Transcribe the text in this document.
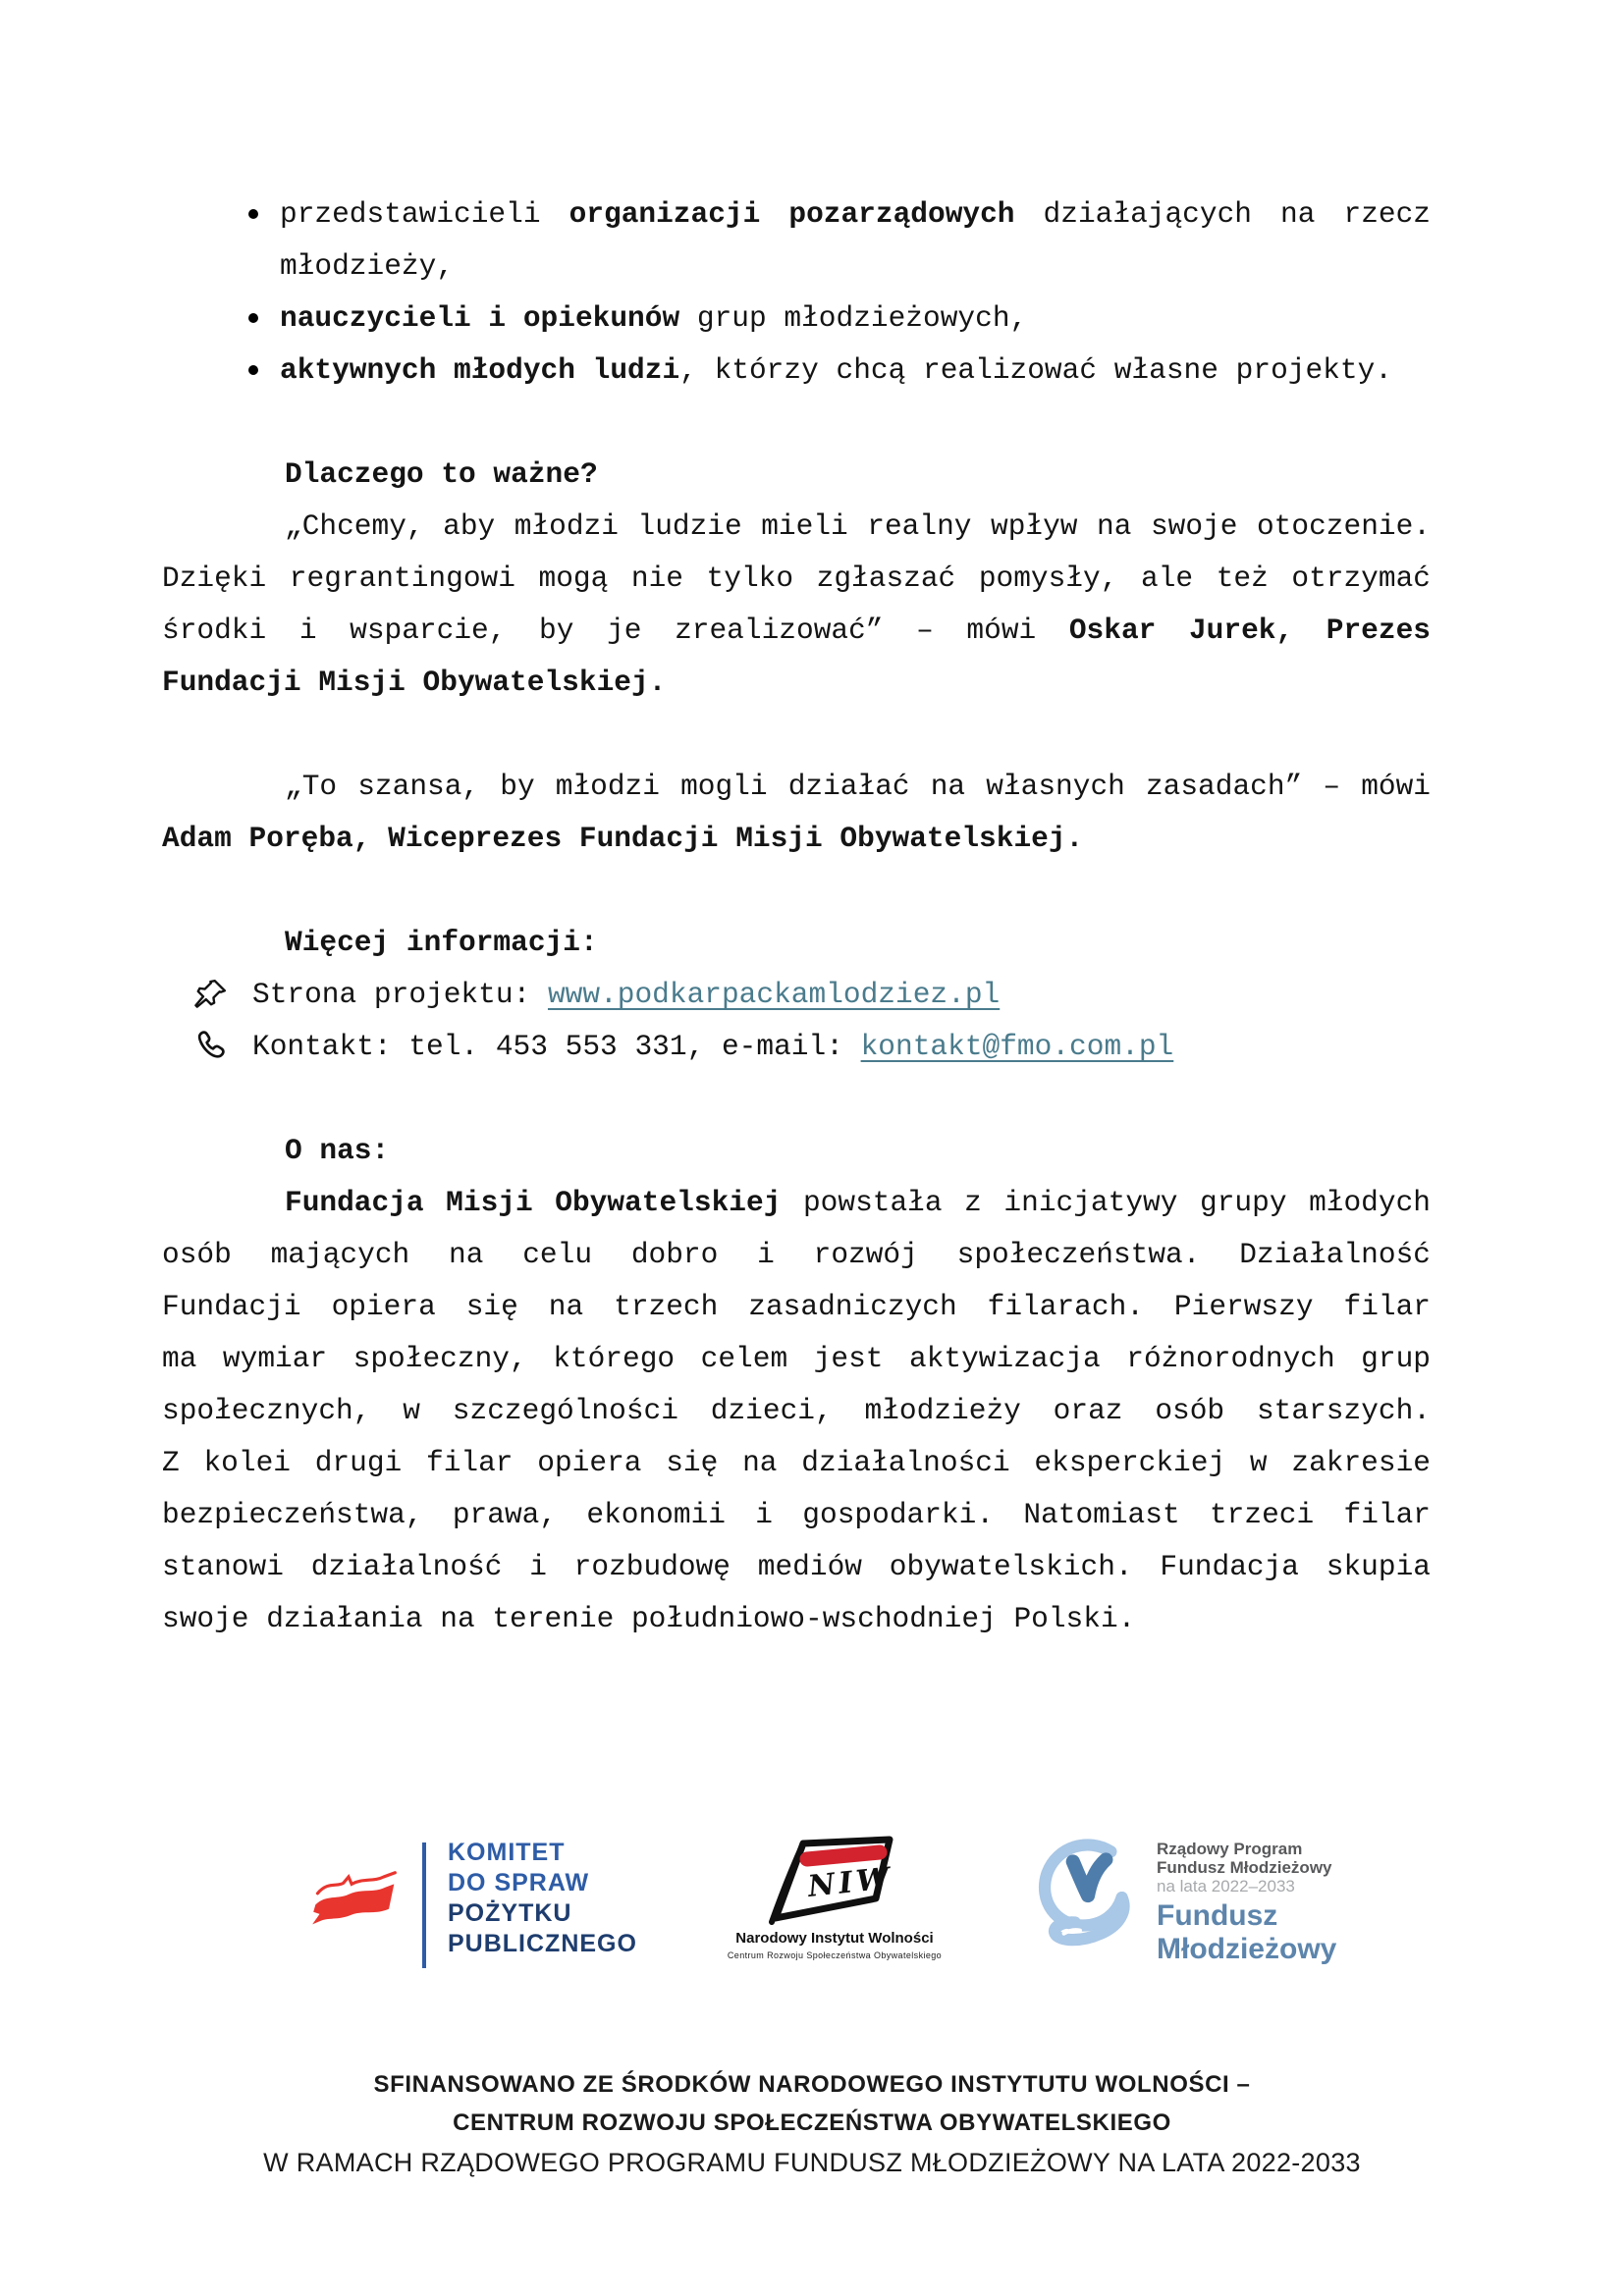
przedstawicieli organizacji pozarządowych działających na rzecz
młodzieży,
nauczycieli i opiekunów grup młodzieżowych,
aktywnych młodych ludzi, którzy chcą realizować własne projekty.
Dlaczego to ważne?
„Chcemy, aby młodzi ludzie mieli realny wpływ na swoje otoczenie.
Dzięki regrantingowi mogą nie tylko zgłaszać pomysły, ale też otrzymać
środki i wsparcie, by je zrealizować” – mówi Oskar Jurek, Prezes
Fundacji Misji Obywatelskiej.
„To szansa, by młodzi mogli działać na własnych zasadach” – mówi
Adam Poręba, Wiceprezes Fundacji Misji Obywatelskiej.
Więcej informacji:
Strona projektu: www.podkarpackamlodziez.pl
Kontakt: tel. 453 553 331, e-mail: kontakt@fmo.com.pl
O nas:
Fundacja Misji Obywatelskiej powstała z inicjatywy grupy młodych
osób mających na celu dobro i rozwój społeczeństwa. Działalność
Fundacji opiera się na trzech zasadniczych filarach. Pierwszy filar
ma wymiar społeczny, którego celem jest aktywizacja różnorodnych grup
społecznych, w szczególności dzieci, młodzieży oraz osób starszych.
Z kolei drugi filar opiera się na działalności eksperckiej w zakresie
bezpieczeństwa, prawa, ekonomii i gospodarki. Natomiast trzeci filar
stanowi działalność i rozbudowę mediów obywatelskich. Fundacja skupia
swoje działania na terenie południowo-wschodniej Polski.
KOMITET
DO SPRAW
POŻYTKU
PUBLICZNEGO
NIW
Narodowy Instytut Wolności
Centrum Rozwoju Społeczeństwa Obywatelskiego
Rządowy Program
Fundusz Młodzieżowy
na lata 2022–2033
Fundusz
Młodzieżowy
SFINANSOWANO ZE ŚRODKÓW NARODOWEGO INSTYTUTU WOLNOŚCI –
CENTRUM ROZWOJU SPOŁECZEŃSTWA OBYWATELSKIEGO
W RAMACH RZĄDOWEGO PROGRAMU FUNDUSZ MŁODZIEŻOWY NA LATA 2022-2033
